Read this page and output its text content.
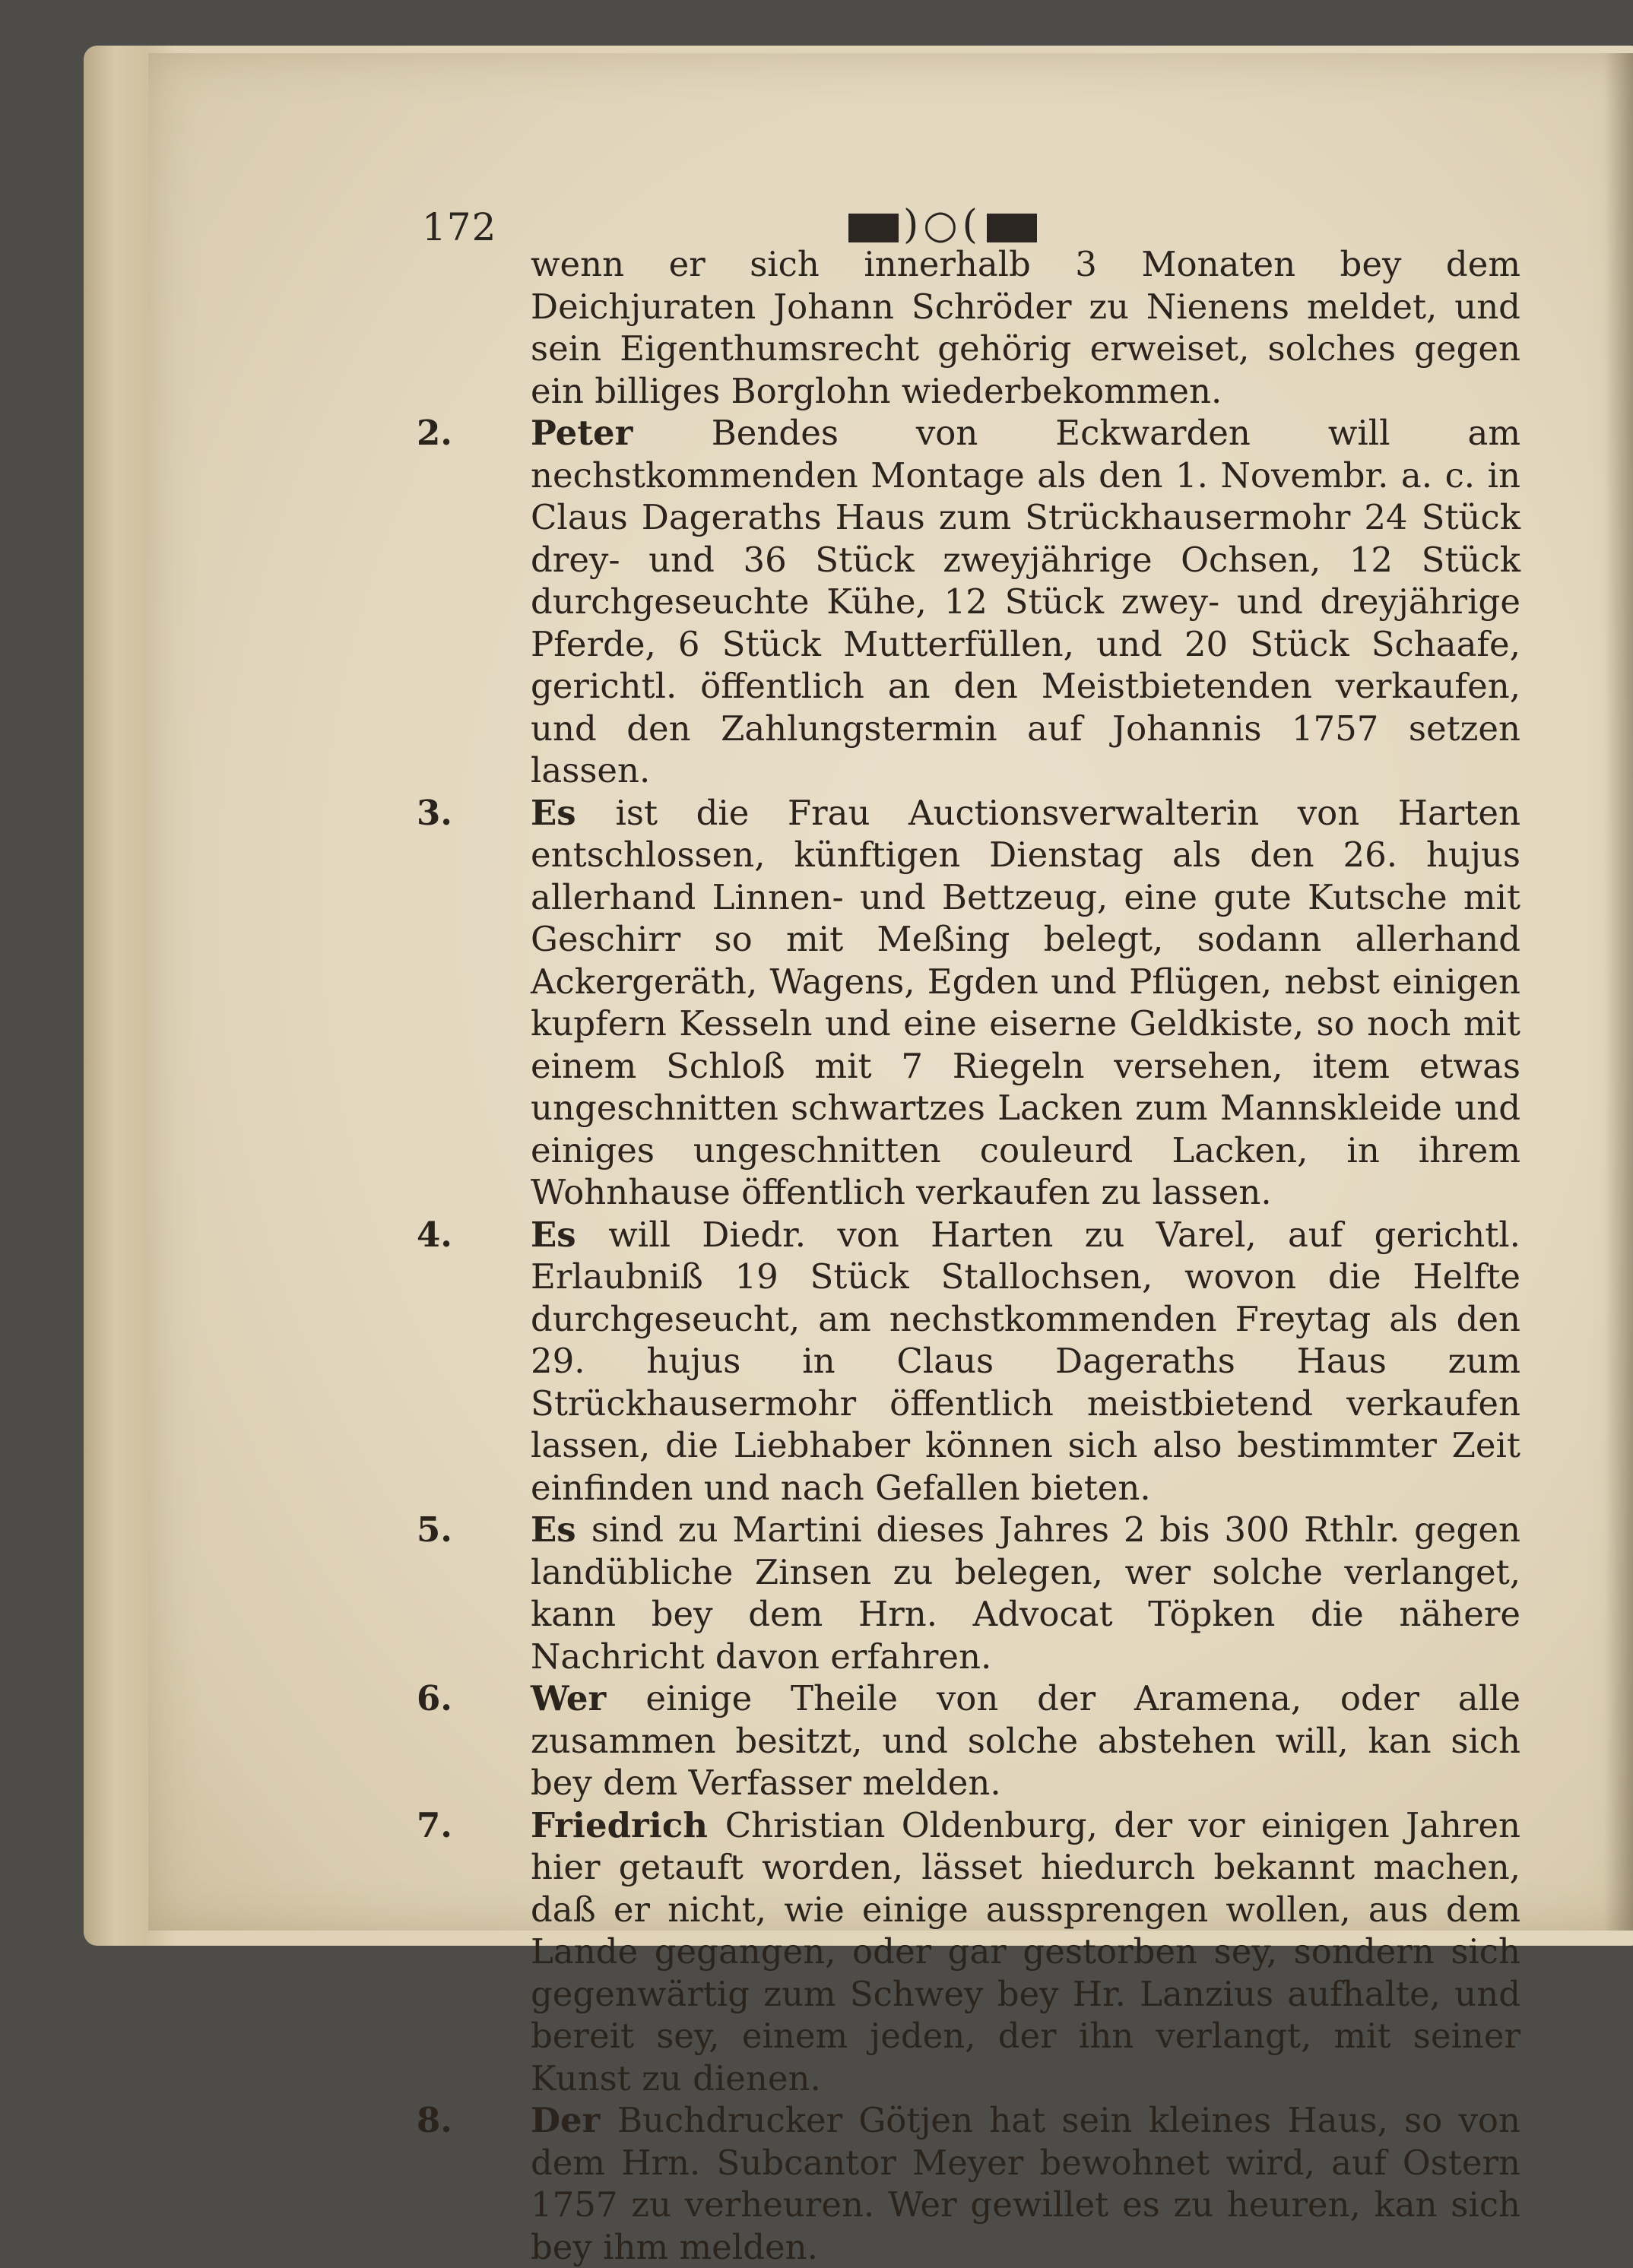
172	)○(
wenn er sich innerhalb 3 Monaten bey dem Deichjuraten Johann Schröder zu Nienens meldet, und sein Eigenthumsrecht gehörig erweiset, solches gegen ein billiges Borglohn wiederbekommen.
2.	Peter Bendes von Eckwarden will am nechstkommenden Montage als den 1. Novembr. a. c. in Claus Dageraths Haus zum Strückhausermohr 24 Stück drey- und 36 Stück zweyjährige Ochsen, 12 Stück durchgeseuchte Kühe, 12 Stück zwey- und dreyjährige Pferde, 6 Stück Mutterfüllen, und 20 Stück Schaafe, gerichtl. öffentlich an den Meistbietenden verkaufen, und den Zahlungstermin auf Johannis 1757 setzen lassen.
3.	Es ist die Frau Auctionsverwalterin von Harten entschlossen, künftigen Dienstag als den 26. hujus allerhand Linnen- und Bettzeug, eine gute Kutsche mit Geschirr so mit Meßing belegt, sodann allerhand Ackergeräth, Wagens, Egden und Pflügen, nebst einigen kupfern Kesseln und eine eiserne Geldkiste, so noch mit einem Schloß mit 7 Riegeln versehen, item etwas ungeschnitten schwartzes Lacken zum Mannskleide und einiges ungeschnitten couleurd Lacken, in ihrem Wohnhause öffentlich verkaufen zu lassen.
4.	Es will Diedr. von Harten zu Varel, auf gerichtl. Erlaubniß 19 Stück Stallochsen, wovon die Helfte durchgeseucht, am nechstkommenden Freytag als den 29. hujus in Claus Dageraths Haus zum Strückhausermohr öffentlich meistbietend verkaufen lassen, die Liebhaber können sich also bestimmter Zeit einfinden und nach Gefallen bieten.
5.	Es sind zu Martini dieses Jahres 2 bis 300 Rthlr. gegen landübliche Zinsen zu belegen, wer solche verlanget, kann bey dem Hrn. Advocat Töpken die nähere Nachricht davon erfahren.
6.	Wer einige Theile von der Aramena, oder alle zusammen besitzt, und solche abstehen will, kan sich bey dem Verfasser melden.
7.	Friedrich Christian Oldenburg, der vor einigen Jahren hier getauft worden, lässet hiedurch bekannt machen, daß er nicht, wie einige aussprengen wollen, aus dem Lande gegangen, oder gar gestorben sey, sondern sich gegenwärtig zum Schwey bey Hr. Lanzius aufhalte, und bereit sey, einem jeden, der ihn verlangt, mit seiner Kunst zu dienen.
8.	Der Buchdrucker Götjen hat sein kleines Haus, so von dem Hrn. Subcantor Meyer bewohnet wird, auf Ostern 1757 zu verheuren. Wer gewillet es zu heuren, kan sich bey ihm melden.
